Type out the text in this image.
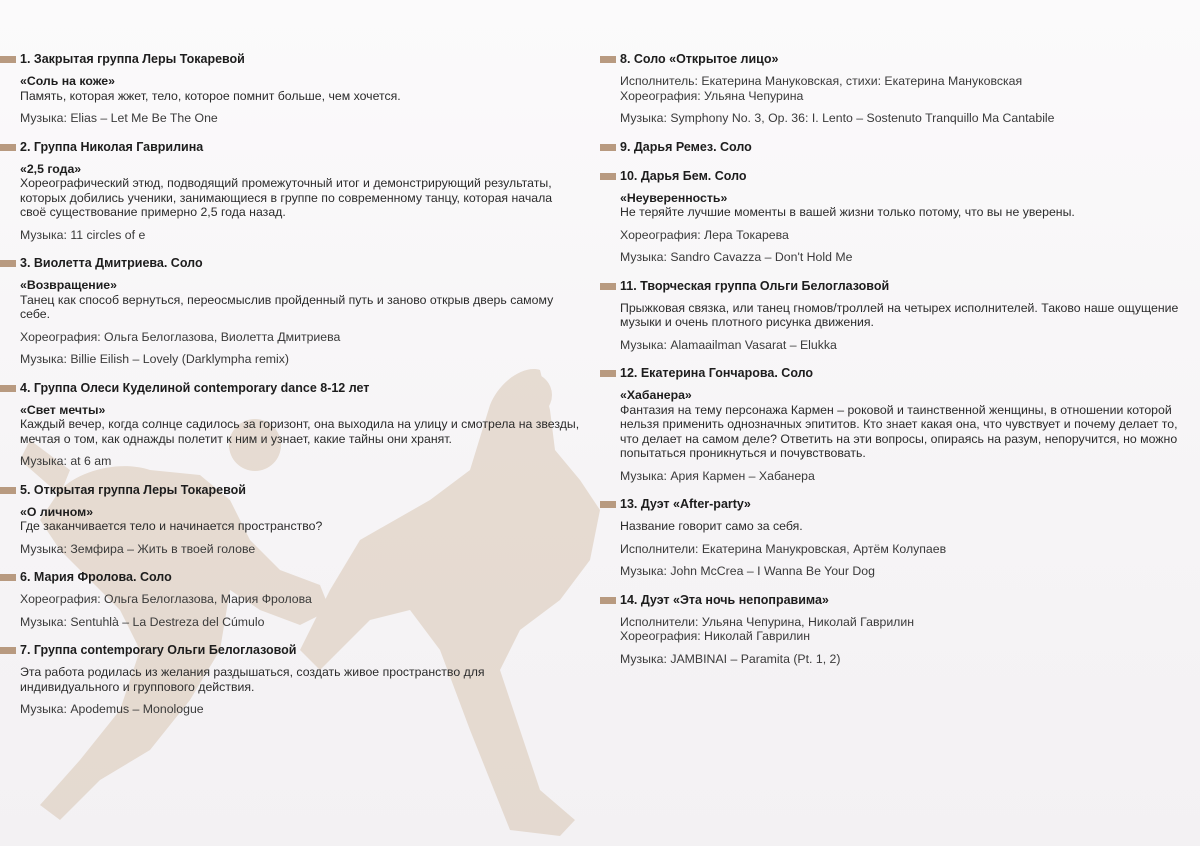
1. Закрытая группа Леры Токаревой
«Соль на коже»
Память, которая жжет, тело, которое помнит больше, чем хочется.
Музыка: Elias – Let Me Be The One
2. Группа Николая Гаврилина
«2,5 года»
Хореографический этюд, подводящий промежуточный итог и демонстрирующий результаты, которых добились ученики, занимающиеся в группе по современному танцу, которая начала своё существование примерно 2,5 года назад.
Музыка: 11 circles of e
3. Виолетта Дмитриева. Соло
«Возвращение»
Танец как способ вернуться, переосмыслив пройденный путь и заново открыв дверь самому себе.
Хореография: Ольга Белоглазова, Виолетта Дмитриева
Музыка: Billie Eilish – Lovely (Darklympha remix)
4. Группа Олеси Куделиной contemporary dance 8-12 лет
«Свет мечты»
Каждый вечер, когда солнце садилось за горизонт, она выходила на улицу и смотрела на звезды, мечтая о том, как однажды полетит к ним и узнает, какие тайны они хранят.
Музыка: at 6 am
5. Открытая группа Леры Токаревой
«О личном»
Где заканчивается тело и начинается пространство?
Музыка: Земфира – Жить в твоей голове
6. Мария Фролова. Соло
Хореография: Ольга Белоглазова, Мария Фролова
Музыка: Sentuhlà – La Destreza del Cúmulo
7. Группа contemporary Ольги Белоглазовой
Эта работа родилась из желания раздышаться, создать живое пространство для индивидуального и группового действия.
Музыка: Apodemus – Monologue
8. Соло «Открытое лицо»
Исполнитель: Екатерина Мануковская, стихи: Екатерина Мануковская
Хореография: Ульяна Чепурина
Музыка: Symphony No. 3, Op. 36: I. Lento – Sostenuto Tranquillo Ma Cantabile
9. Дарья Ремез. Соло
10. Дарья Бем. Соло
«Неуверенность»
Не теряйте лучшие моменты в вашей жизни только потому, что вы не уверены.
Хореография: Лера Токарева
Музыка: Sandro Cavazza – Don't Hold Me
11. Творческая группа Ольги Белоглазовой
Прыжковая связка, или танец гномов/троллей на четырех исполнителей. Таково наше ощущение музыки и очень плотного рисунка движения.
Музыка: Alamaailman Vasarat – Elukka
12. Екатерина Гончарова. Соло
«Хабанера»
Фантазия на тему персонажа Кармен – роковой и таинственной женщины, в отношении которой нельзя применить однозначных эпититов. Кто знает какая она, что чувствует и почему делает то, что делает на самом деле? Ответить на эти вопросы, опираясь на разум, непоручится, но можно попытаться проникнуться и почувствовать.
Музыка: Ария Кармен – Хабанера
13. Дуэт «After-party»
Название говорит само за себя.
Исполнители: Екатерина Манукровская, Артём Колупаев
Музыка: John McCrea – I Wanna Be Your Dog
14. Дуэт «Эта ночь непоправима»
Исполнители: Ульяна Чепурина, Николай Гаврилин
Хореография: Николай Гаврилин
Музыка: JAMBINAI – Paramita (Pt. 1, 2)
